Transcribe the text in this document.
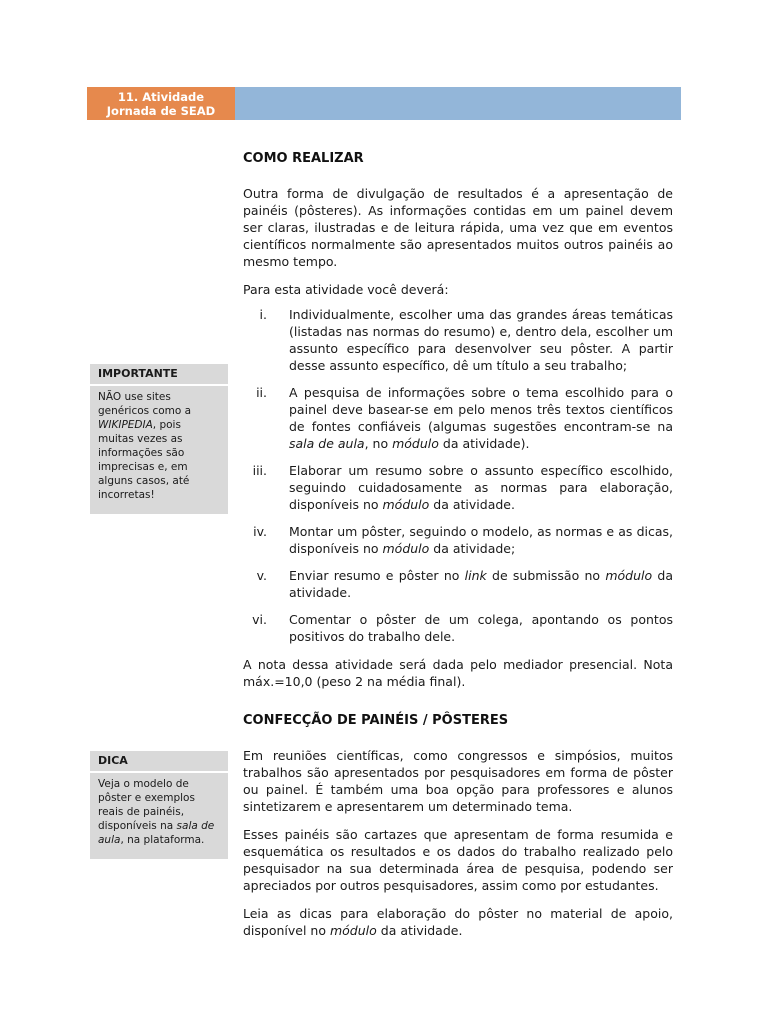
11. Atividade
Jornada de SEAD
IMPORTANTE
NÃO use sites genéricos como a WIKIPEDIA, pois muitas vezes as informações são imprecisas e, em alguns casos, até incorretas!
DICA
Veja o modelo de pôster e exemplos reais de painéis, disponíveis na sala de aula, na plataforma.
COMO REALIZAR

Outra forma de divulgação de resultados é a apresentação de painéis (pôsteres). As informações contidas em um painel devem ser claras, ilustradas e de leitura rápida, uma vez que em eventos científicos normalmente são apresentados muitos outros painéis ao mesmo tempo.

Para esta atividade você deverá:

i. Individualmente, escolher uma das grandes áreas temáticas (listadas nas normas do resumo) e, dentro dela, escolher um assunto específico para desenvolver seu pôster. A partir desse assunto específico, dê um título a seu trabalho;
ii. A pesquisa de informações sobre o tema escolhido para o painel deve basear-se em pelo menos três textos científicos de fontes confiáveis (algumas sugestões encontram-se na sala de aula, no módulo da atividade).
iii. Elaborar um resumo sobre o assunto específico escolhido, seguindo cuidadosamente as normas para elaboração, disponíveis no módulo da atividade.
iv. Montar um pôster, seguindo o modelo, as normas e as dicas, disponíveis no módulo da atividade;
v. Enviar resumo e pôster no link de submissão no módulo da atividade.
vi. Comentar o pôster de um colega, apontando os pontos positivos do trabalho dele.

A nota dessa atividade será dada pelo mediador presencial. Nota máx.=10,0 (peso 2 na média final).

CONFECÇÃO DE PAINÉIS / PÔSTERES

Em reuniões científicas, como congressos e simpósios, muitos trabalhos são apresentados por pesquisadores em forma de pôster ou painel. É também uma boa opção para professores e alunos sintetizarem e apresentarem um determinado tema.

Esses painéis são cartazes que apresentam de forma resumida e esquemática os resultados e os dados do trabalho realizado pelo pesquisador na sua determinada área de pesquisa, podendo ser apreciados por outros pesquisadores, assim como por estudantes.

Leia as dicas para elaboração do pôster no material de apoio, disponível no módulo da atividade.
